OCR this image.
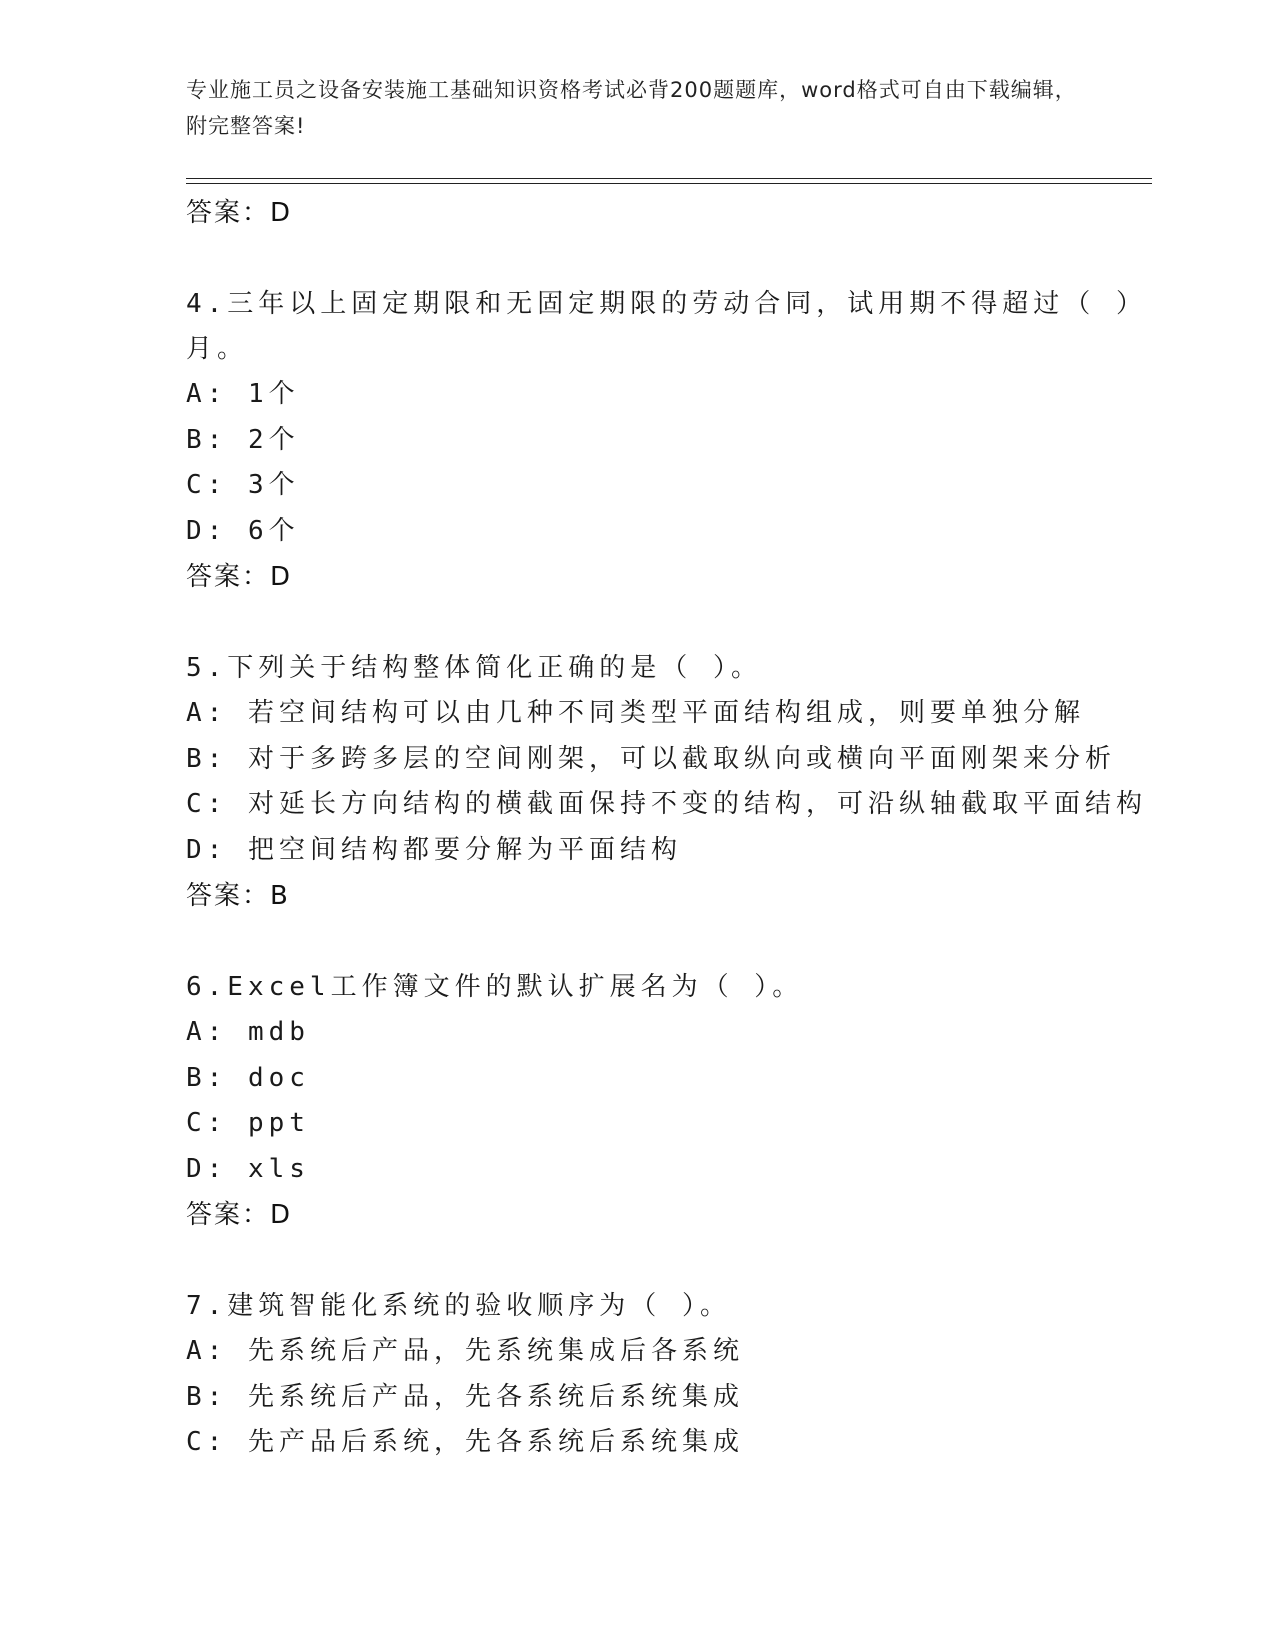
专业施工员之设备安装施工基础知识资格考试必背200题题库，word格式可自由下载编辑，附完整答案!
答案：D
4.三年以上固定期限和无固定期限的劳动合同，试用期不得超过（ ）月。
A: 1个
B: 2个
C: 3个
D: 6个
答案：D
5.下列关于结构整体简化正确的是（ ）。
A: 若空间结构可以由几种不同类型平面结构组成，则要单独分解
B: 对于多跨多层的空间刚架，可以截取纵向或横向平面刚架来分析
C: 对延长方向结构的横截面保持不变的结构，可沿纵轴截取平面结构
D: 把空间结构都要分解为平面结构
答案：B
6.Excel工作簿文件的默认扩展名为（ ）。
A: mdb
B: doc
C: ppt
D: xls
答案：D
7.建筑智能化系统的验收顺序为（ ）。
A: 先系统后产品，先系统集成后各系统
B: 先系统后产品，先各系统后系统集成
C: 先产品后系统，先各系统后系统集成
